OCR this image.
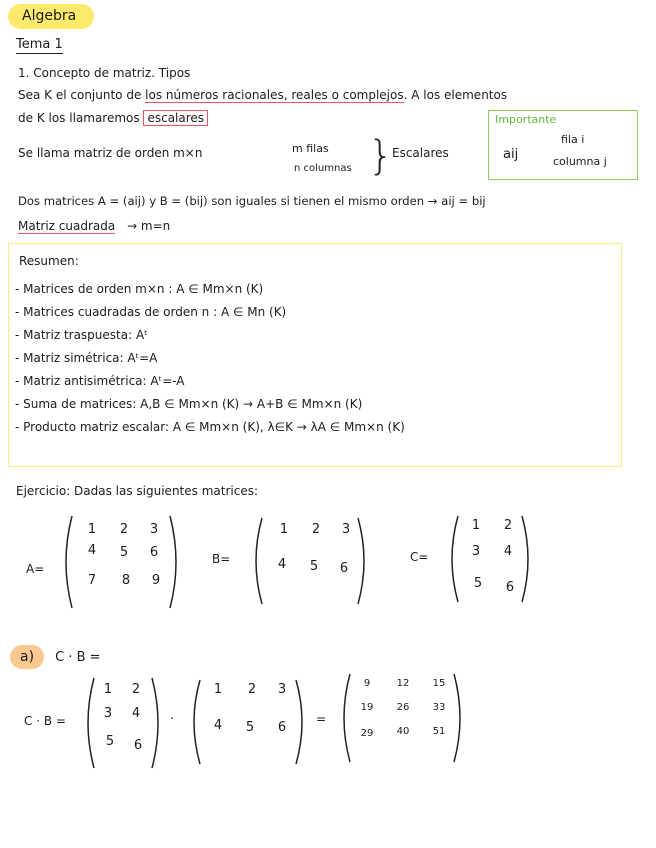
Algebra
Tema 1
1. Concepto de matriz. Tipos
Sea K el conjunto de los números racionales, reales o complejos. A los elementos
de K los llamaremos escalares	Importante
aij
fila i
columna j
Se llama matriz de orden m×n	m filas
n columnas }
Escalares
Dos matrices A = (aij) y B = (bij) son iguales si tienen el mismo orden → aij = bij
Matriz cuadrada → m=n
Resumen:
- Matrices de orden m×n : A ∈ Mm×n (K)
- Matrices cuadradas de orden n : A ∈ Mn (K)
- Matriz traspuesta: Aᵗ
- Matriz simétrica: Aᵗ=A
- Matriz antisimétrica: Aᵗ=-A
- Suma de matrices: A,B ∈ Mm×n (K) → A+B ∈ Mm×n (K)
- Producto matriz escalar: A ∈ Mm×n (K), λ∈K → λA ∈ Mm×n (K)
Ejercicio: Dadas las siguientes matrices:
A=
1	2	3
4	5	6
7	8	9
B=
1	2	3
4	5	6
C=
1	2
3	4
5	6
a) C · B =
C · B =
1	2
3	4
5	6
·
1	2	3
4	5	6
=
9	12	15
19	26	33
29	40	51
